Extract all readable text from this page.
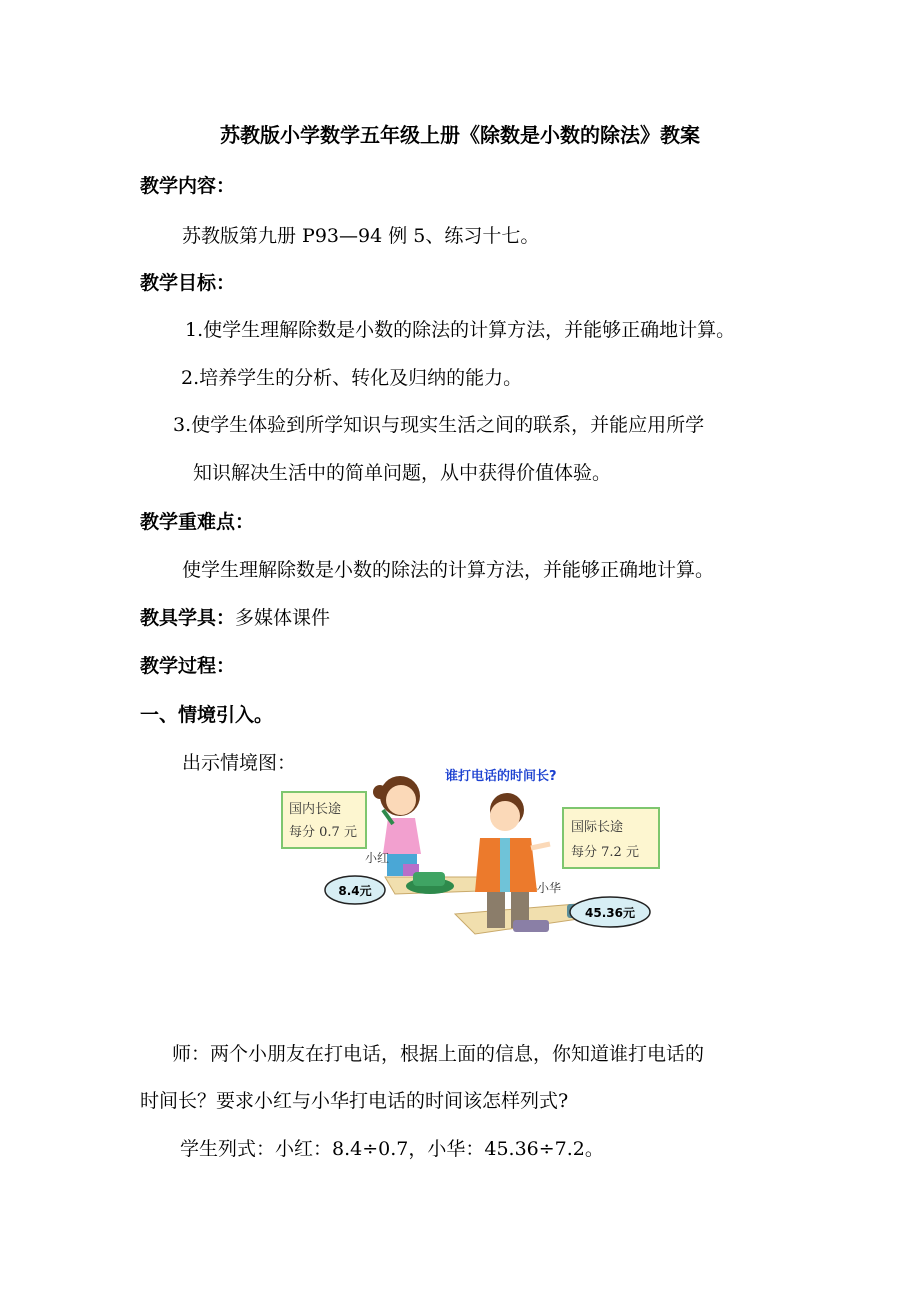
苏教版小学数学五年级上册《除数是小数的除法》教案
教学内容：
苏教版第九册 P93—94 例 5、练习十七。
教学目标：
1.使学生理解除数是小数的除法的计算方法，并能够正确地计算。
2.培养学生的分析、转化及归纳的能力。
3.使学生体验到所学知识与现实生活之间的联系，并能应用所学
知识解决生活中的简单问题，从中获得价值体验。
教学重难点：
使学生理解除数是小数的除法的计算方法，并能够正确地计算。
教具学具：多媒体课件
教学过程：
一、情境引入。
出示情境图：
谁打电话的时间长?
国内长途
每分 0.7 元	国际长途
每分 7.2 元
小红
小华
8.4元
45.36元
师：两个小朋友在打电话，根据上面的信息，你知道谁打电话的
时间长？要求小红与小华打电话的时间该怎样列式?
学生列式：小红：8.4÷0.7，小华：45.36÷7.2。
